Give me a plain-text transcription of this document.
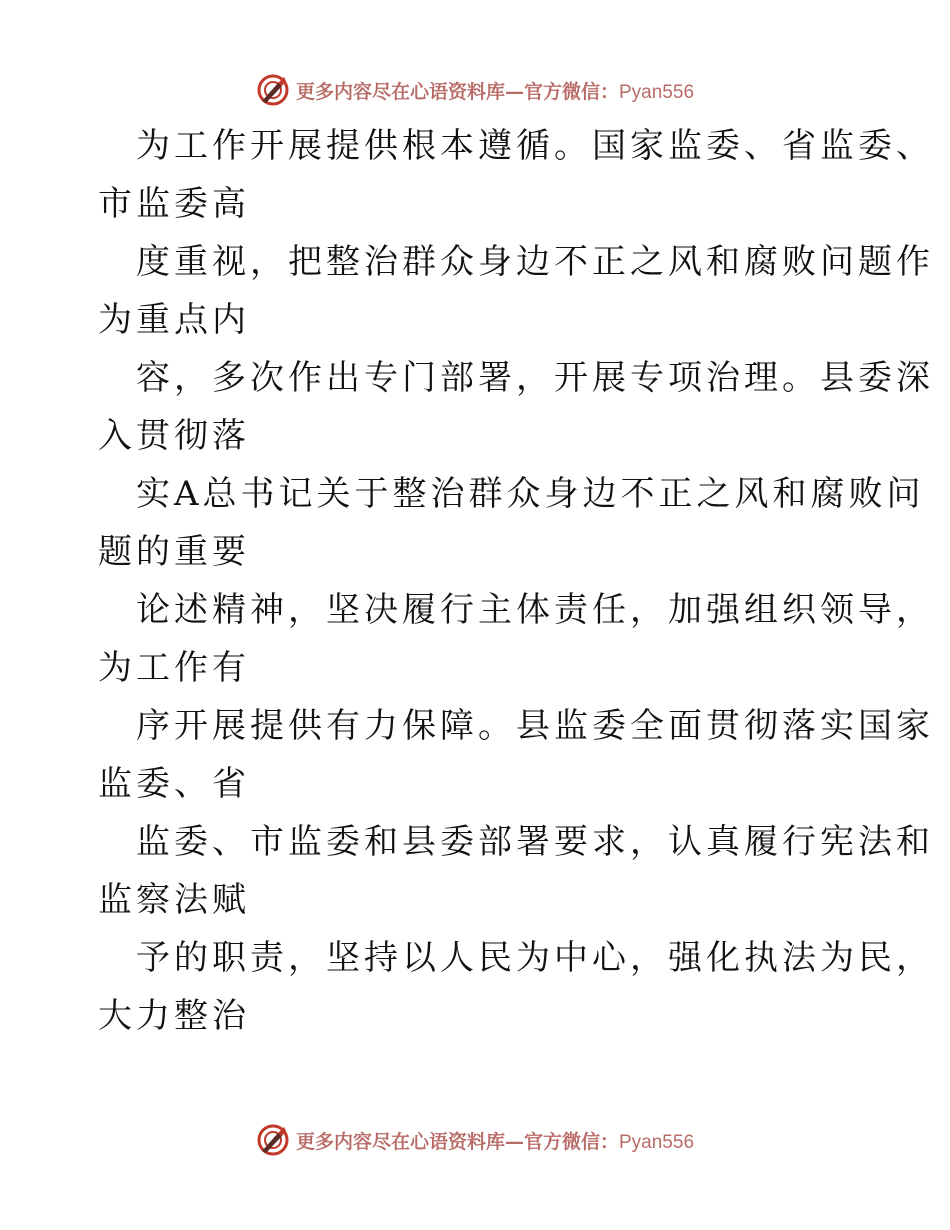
更多内容尽在心语资料库—官方微信：Pyan556
为工作开展提供根本遵循。国家监委、省监委、
市监委高
度重视，把整治群众身边不正之风和腐败问题作
为重点内
容，多次作出专门部署，开展专项治理。县委深
入贯彻落
实A总书记关于整治群众身边不正之风和腐败问
题的重要
论述精神，坚决履行主体责任，加强组织领导，
为工作有
序开展提供有力保障。县监委全面贯彻落实国家
监委、省
监委、市监委和县委部署要求，认真履行宪法和
监察法赋
予的职责，坚持以人民为中心，强化执法为民，
大力整治
更多内容尽在心语资料库—官方微信：Pyan556
